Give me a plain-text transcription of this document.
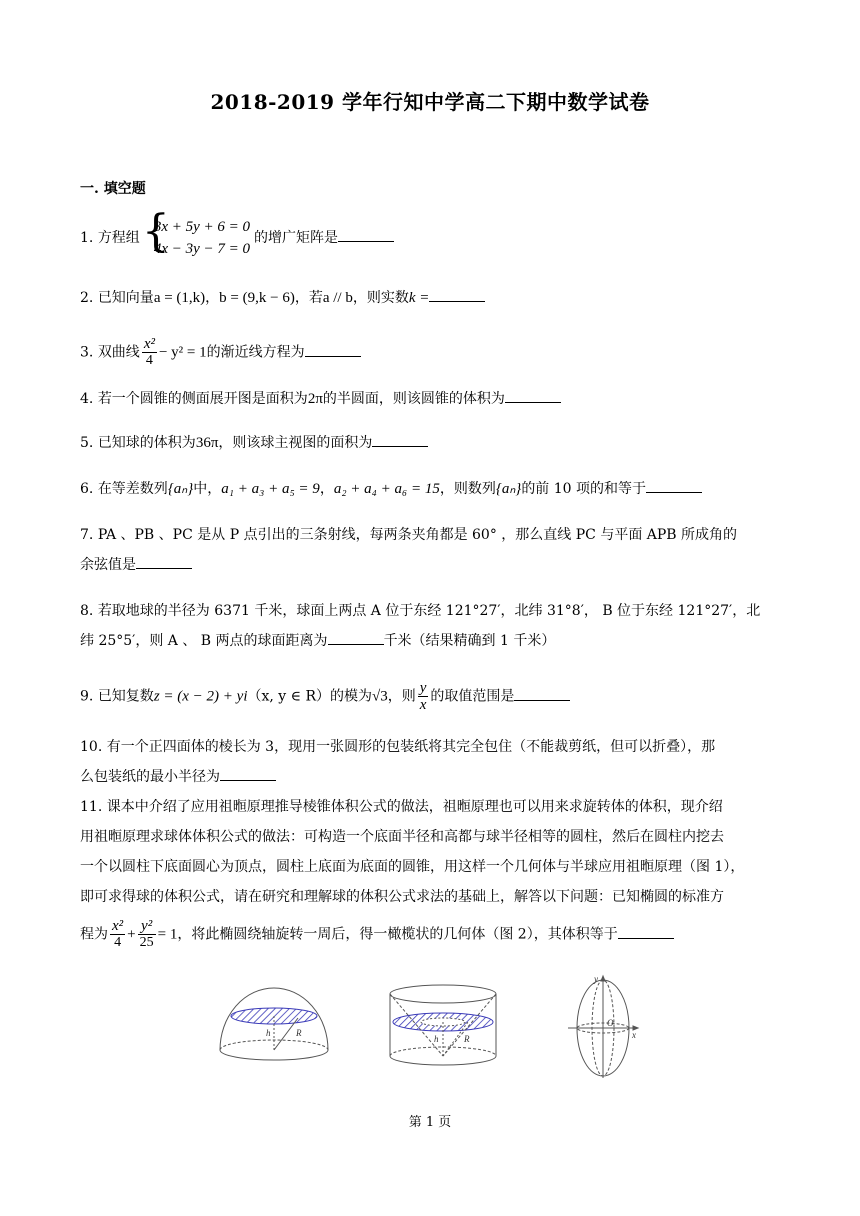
2018-2019 学年行知中学高二下期中数学试卷
一. 填空题
1. 方程组 {
3x + 5y + 6 = 0
4x − 3y − 7 = 0
的增广矩阵是
2. 已知向量a = (1,k)，b = (9,k − 6)，若a // b，则实数k =
3. 双曲线 $\frac{\text{x²}}{4} - y^2 = 1$的渐近线方程为
4. 若一个圆锥的侧面展开图是面积为2π的半圆面，则该圆锥的体积为
5. 已知球的体积为36π，则该球主视图的面积为
6. 在等差数列{aₙ}中，a₁ + a₃ + a₅ = 9，a₂ + a₄ + a₆ = 15，则数列{aₙ}的前 10 项的和等于
7. PA 、PB 、PC 是从 P 点引出的三条射线，每两条夹角都是 60° ，那么直线 PC 与平面 APB 所成角的
余弦值是
8. 若取地球的半径为 6371 千米，球面上两点 A 位于东经 121°27′，北纬 31°8′， B 位于东经 121°27′，北
纬 25°5′，则 A 、 B 两点的球面距离为	千米（结果精确到 1 千米）
9. 已知复数z = (x − 2) + yi（x, y ∈ R）的模为√3，则 $\frac{y}{x}$ 的取值范围是
10. 有一个正四面体的棱长为 3，现用一张圆形的包装纸将其完全包住（不能裁剪纸，但可以折叠），那
么包装纸的最小半径为
11. 课本中介绍了应用祖暅原理推导棱锥体积公式的做法，祖暅原理也可以用来求旋转体的体积，现介绍
用祖暅原理求球体体积公式的做法：可构造一个底面半径和高都与球半径相等的圆柱，然后在圆柱内挖去
一个以圆柱下底面圆心为顶点，圆柱上底面为底面的圆锥，用这样一个几何体与半球应用祖暅原理（图 1），
即可求得球的体积公式，请在研究和理解球的体积公式求法的基础上，解答以下问题：已知椭圆的标准方
程为 $\frac{\text{x²}}{4} + \frac{\text{y²}}{25} = 1$，将此椭圆绕轴旋转一周后，得一橄榄状的几何体（图 2），其体积等于
h	R
h	R
O
x
y
第 1 页
